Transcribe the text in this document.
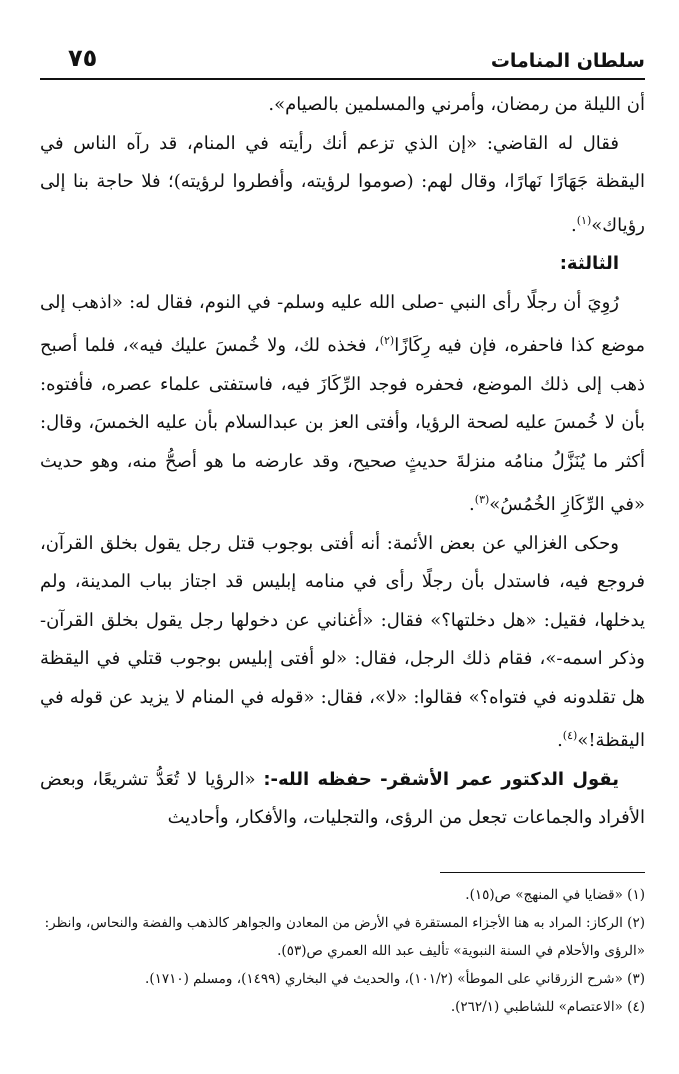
سلطان المنامات
٧٥

أن الليلة من رمضان، وأمرني والمسلمين بالصيام».

فقال له القاضي: «إن الذي تزعم أنك رأيته في المنام، قد رآه الناس في اليقظة جَهَارًا نَهارًا، وقال لهم: (صوموا لرؤيته، وأفطروا لرؤيته)؛ فلا حاجة بنا إلى رؤياك»$^{(١)}$.

الثالثة:

رُوِيَ أن رجلًا رأى النبي -صلى الله عليه وسلم- في النوم، فقال له: «اذهب إلى موضع كذا فاحفره، فإن فيه رِكَازًا$^{(٢)}$، فخذه لك، ولا خُمسَ عليك فيه»، فلما أصبح ذهب إلى ذلك الموضع، فحفره فوجد الرِّكَازَ فيه، فاستفتى علماء عصره، فأفتوه: بأن لا خُمسَ عليه لصحة الرؤيا، وأفتى العز بن عبدالسلام بأن عليه الخمسَ، وقال: أكثر ما يُنَزَّلُ منامُه منزلةَ حديثٍ صحيح، وقد عارضه ما هو أصحُّ منه، وهو حديث «في الرِّكَازِ الخُمُسُ»$^{(٣)}$.

وحكى الغزالي عن بعض الأئمة: أنه أفتى بوجوب قتل رجل يقول بخلق القرآن، فروجع فيه، فاستدل بأن رجلًا رأى في منامه إبليس قد اجتاز بباب المدينة، ولم يدخلها، فقيل: «هل دخلتها؟» فقال: «أغناني عن دخولها رجل يقول بخلق القرآن- وذكر اسمه-»، فقام ذلك الرجل، فقال: «لو أفتى إبليس بوجوب قتلي في اليقظة هل تقلدونه في فتواه؟» فقالوا: «لا»، فقال: «قوله في المنام لا يزيد عن قوله في اليقظة!»$^{(٤)}$.

يقول الدكتور عمر الأشقر- حفظه الله-: «الرؤيا لا تُعَدُّ تشريعًا، وبعض الأفراد والجماعات تجعل من الرؤى، والتجليات، والأفكار، وأحاديث

(١) «قضايا في المنهج» ص(١٥).

(٢) الركاز: المراد به هنا الأجزاء المستقرة في الأرض من المعادن والجواهر كالذهب والفضة والنحاس، وانظر: «الرؤى والأحلام في السنة النبوية» تأليف عبد الله العمري ص(٥٣).

(٣) «شرح الزرقاني على الموطأ» (١٠١/٢)، والحديث في البخاري (١٤٩٩)، ومسلم (١٧١٠).

(٤) «الاعتصام» للشاطبي (٢٦٢/١).
